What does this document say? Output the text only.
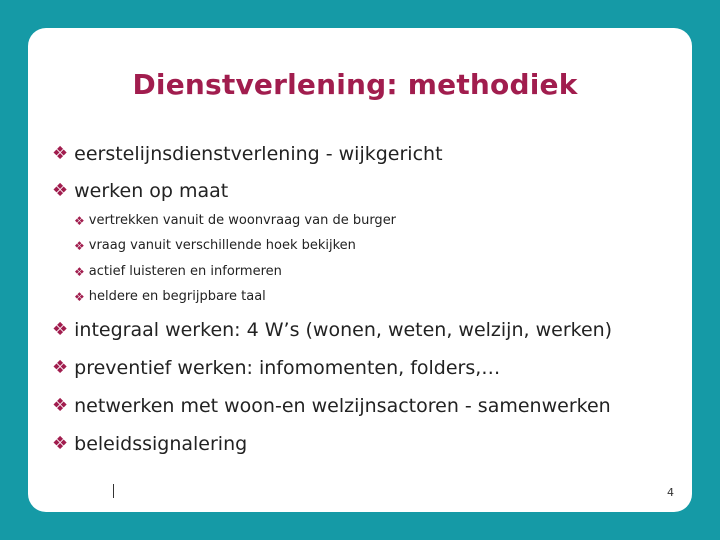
Dienstverlening: methodiek
❖ eerstelijnsdienstverlening - wijkgericht
❖ werken op maat
❖ vertrekken vanuit de woonvraag van de burger
❖ vraag vanuit verschillende hoek bekijken
❖ actief luisteren en informeren
❖ heldere en begrijpbare taal
❖ integraal werken: 4 W’s (wonen, weten, welzijn, werken)
❖ preventief werken: infomomenten, folders,…
❖ netwerken met woon-en welzijnsactoren - samenwerken
❖ beleidssignalering
4
